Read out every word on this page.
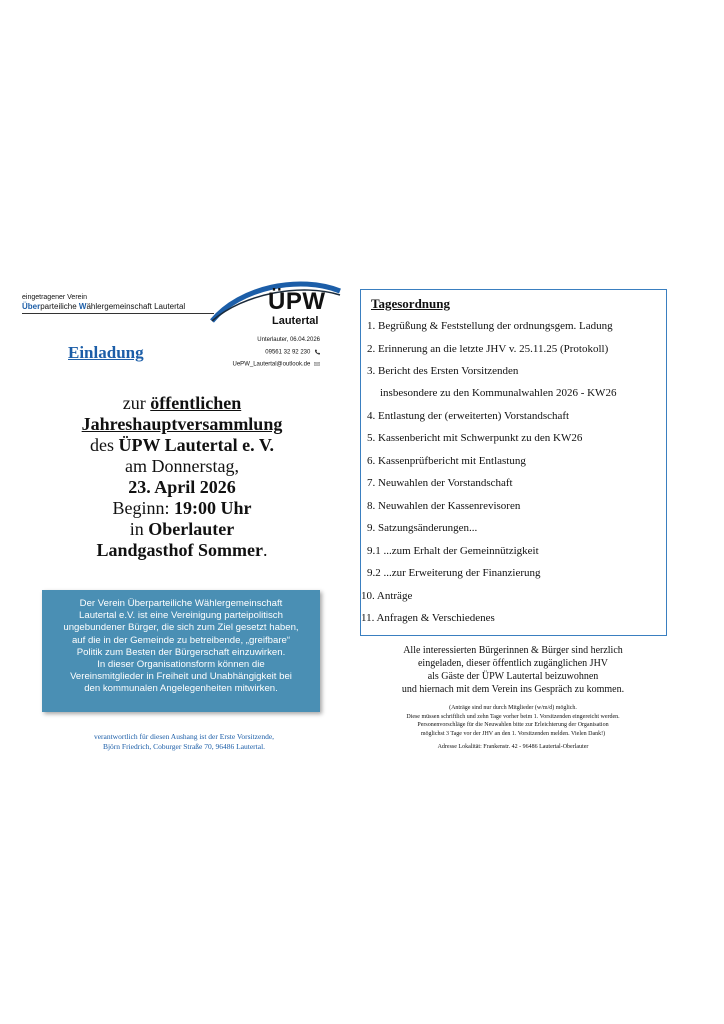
eingetragener Verein
Überparteiliche Wählergemeinschaft Lautertal	ÜPW
Lautertal
Unterlauter, 06.04.2026
09561 32 92 230
UePW_Lautertal@outlook.de
Einladung
zur öffentlichen
Jahreshauptversammlung
des ÜPW Lautertal e. V.
am Donnerstag,
23. April 2026
Beginn: 19:00 Uhr
in Oberlauter
Landgasthof Sommer.
Der Verein Überparteiliche Wählergemeinschaft
Lautertal e.V. ist eine Vereinigung parteipolitisch
ungebundener Bürger, die sich zum Ziel gesetzt haben,
auf die in der Gemeinde zu betreibende, „greifbare“
Politik zum Besten der Bürgerschaft einzuwirken.
In dieser Organisationsform können die
Vereinsmitglieder in Freiheit und Unabhängigkeit bei
den kommunalen Angelegenheiten mitwirken.
verantwortlich für diesen Aushang ist der Erste Vorsitzende,
Björn Friedrich, Coburger Straße 70, 96486 Lautertal.
Tagesordnung
1. Begrüßung & Feststellung der ordnungsgem. Ladung
2. Erinnerung an die letzte JHV v. 25.11.25 (Protokoll)
3. Bericht des Ersten Vorsitzenden
insbesondere zu den Kommunalwahlen 2026 - KW26
4. Entlastung der (erweiterten) Vorstandschaft
5. Kassenbericht mit Schwerpunkt zu den KW26
6. Kassenprüfbericht mit Entlastung
7. Neuwahlen der Vorstandschaft
8. Neuwahlen der Kassenrevisoren
9. Satzungsänderungen...
9.1 ...zum Erhalt der Gemeinnützigkeit
9.2 ...zur Erweiterung der Finanzierung
10. Anträge
11. Anfragen & Verschiedenes
Alle interessierten Bürgerinnen & Bürger sind herzlich
eingeladen, dieser öffentlich zugänglichen JHV
als Gäste der ÜPW Lautertal beizuwohnen
und hiernach mit dem Verein ins Gespräch zu kommen.
(Anträge sind nur durch Mitglieder (w/m/d) möglich.
Diese müssen schriftlich und zehn Tage vorher beim 1. Vorsitzenden eingereicht werden.
Personenvorschläge für die Neuwahlen bitte zur Erleichterung der Organisation
möglichst 3 Tage vor der JHV an den 1. Vorsitzenden melden. Vielen Dank!)
Adresse Lokalität: Frankenstr. 42 - 96486 Lautertal-Oberlauter
